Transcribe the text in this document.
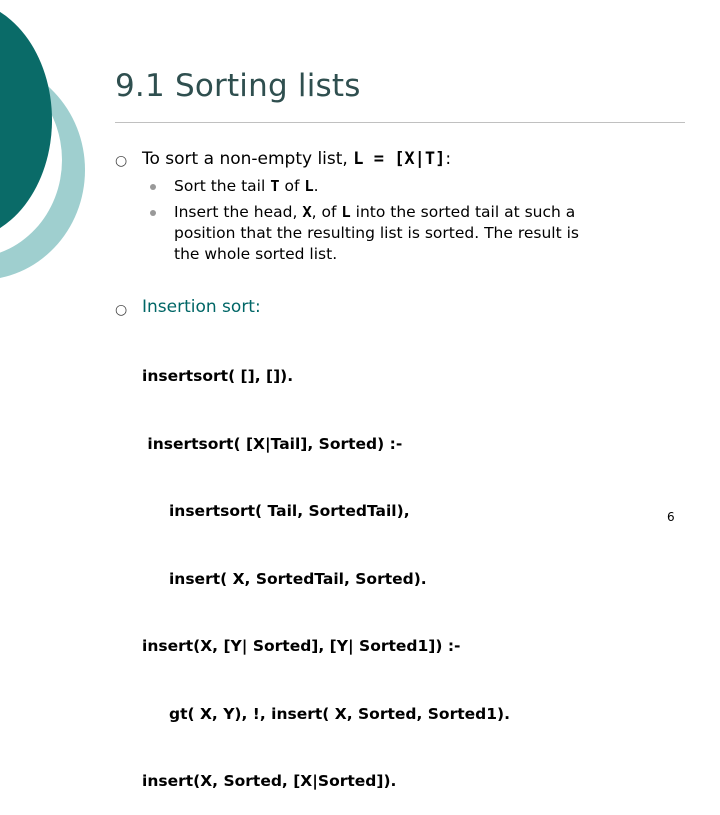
9.1 Sorting lists
○ To sort a non-empty list, L = [X|T]:
Sort the tail T of L.
Insert the head, X, of L into the sorted tail at such a
position that the resulting list is sorted. The result is
the whole sorted list.
○ Insertion sort:

insertsort( [], []).

insertsort( [X|Tail], Sorted) :-

insertsort( Tail, SortedTail),

insert( X, SortedTail, Sorted).

insert(X, [Y| Sorted], [Y| Sorted1]) :-

gt( X, Y), !, insert( X, Sorted, Sorted1).

insert(X, Sorted, [X|Sorted]).

6
